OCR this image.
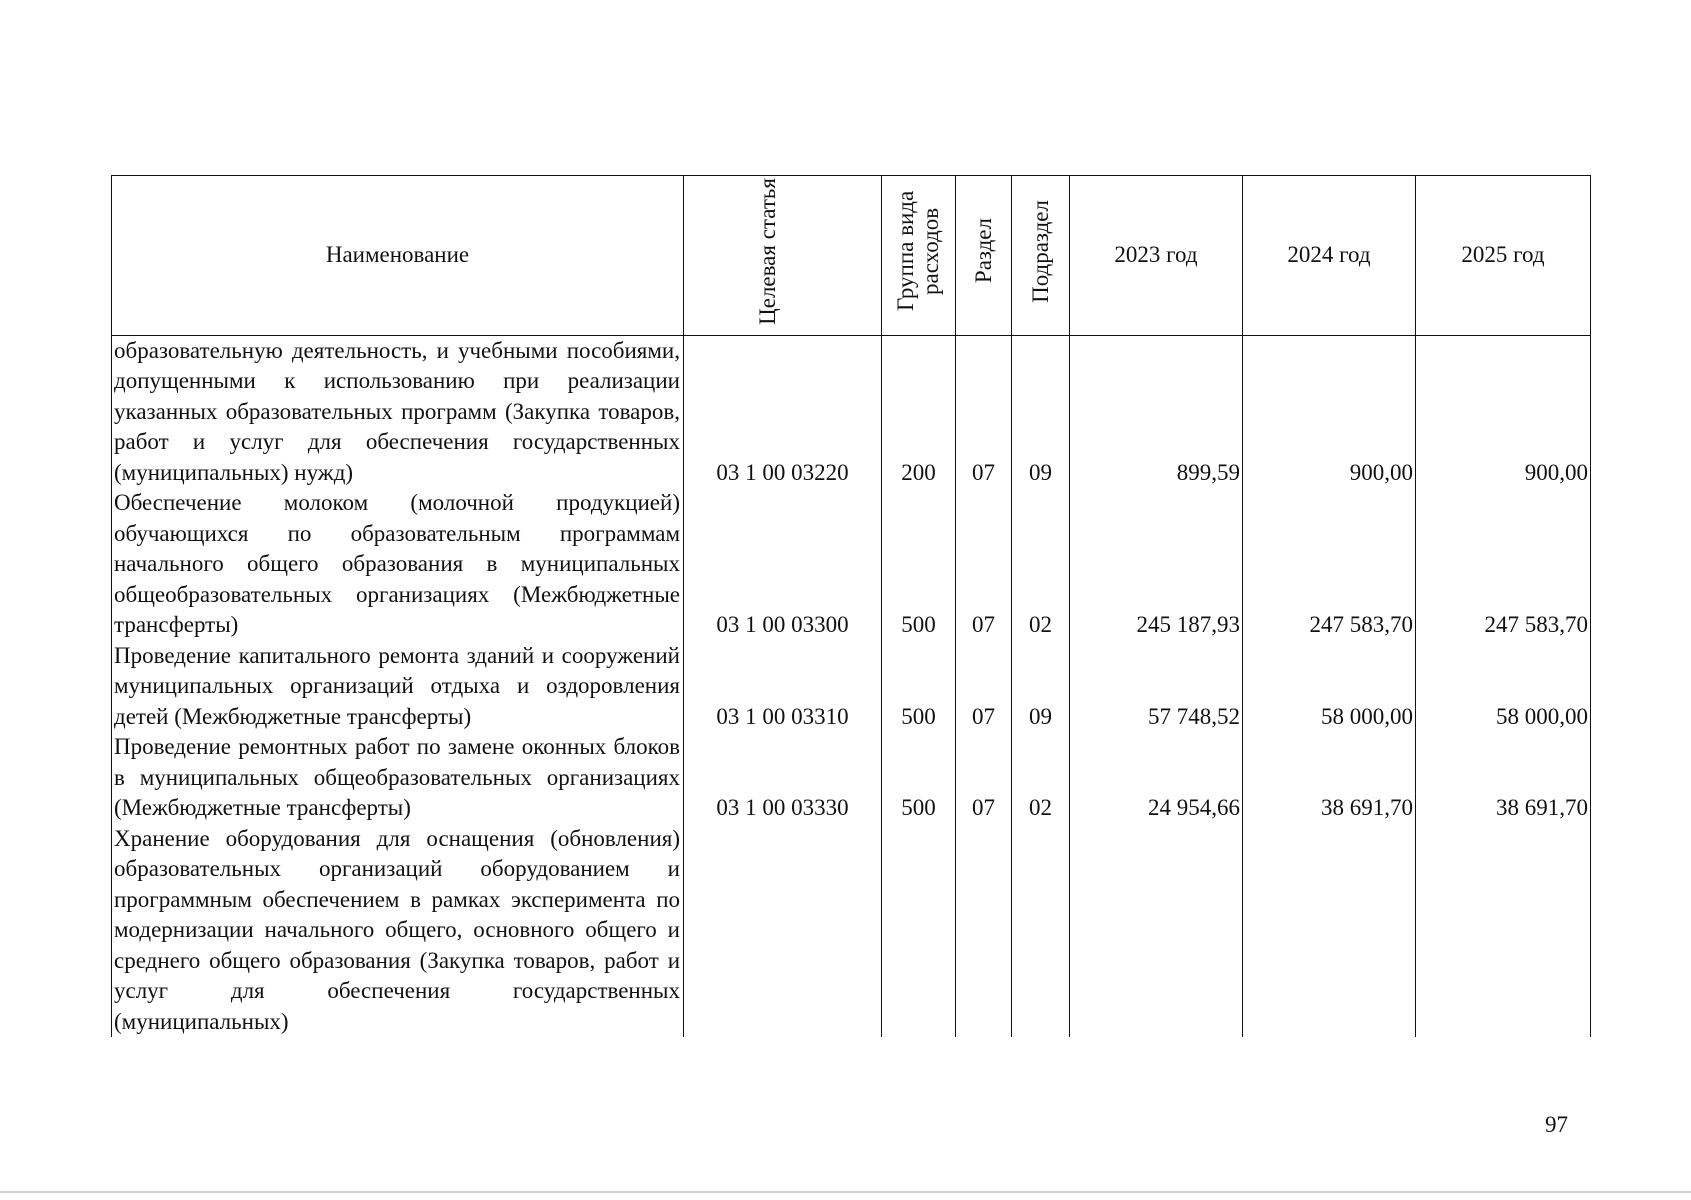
Наименование	Целевая статья	Группа вида расходов	Раздел	Подраздел	2023 год	2024 год	2025 год
образовательную деятельность, и учебными пособиями, допущенными к использованию при реализации указанных образовательных программ (Закупка товаров, работ и услуг для обеспечения государственных (муниципальных) нужд)	03 1 00 03220	200	07	09	899,59	900,00	900,00
Обеспечение молоком (молочной продукцией) обучающихся по образовательным программам начального общего образования в муниципальных общеобразовательных организациях (Межбюджетные трансферты)	03 1 00 03300	500	07	02	245 187,93	247 583,70	247 583,70
Проведение капитального ремонта зданий и сооружений муниципальных организаций отдыха и оздоровления детей (Межбюджетные трансферты)	03 1 00 03310	500	07	09	57 748,52	58 000,00	58 000,00
Проведение ремонтных работ по замене оконных блоков в муниципальных общеобразовательных организациях (Межбюджетные трансферты)	03 1 00 03330	500	07	02	24 954,66	38 691,70	38 691,70
Хранение оборудования для оснащения (обновления) образовательных организаций оборудованием и программным обеспечением в рамках эксперимента по модернизации начального общего, основного общего и среднего общего образования (Закупка товаров, работ и услуг для обеспечения государственных (муниципальных)							
97
